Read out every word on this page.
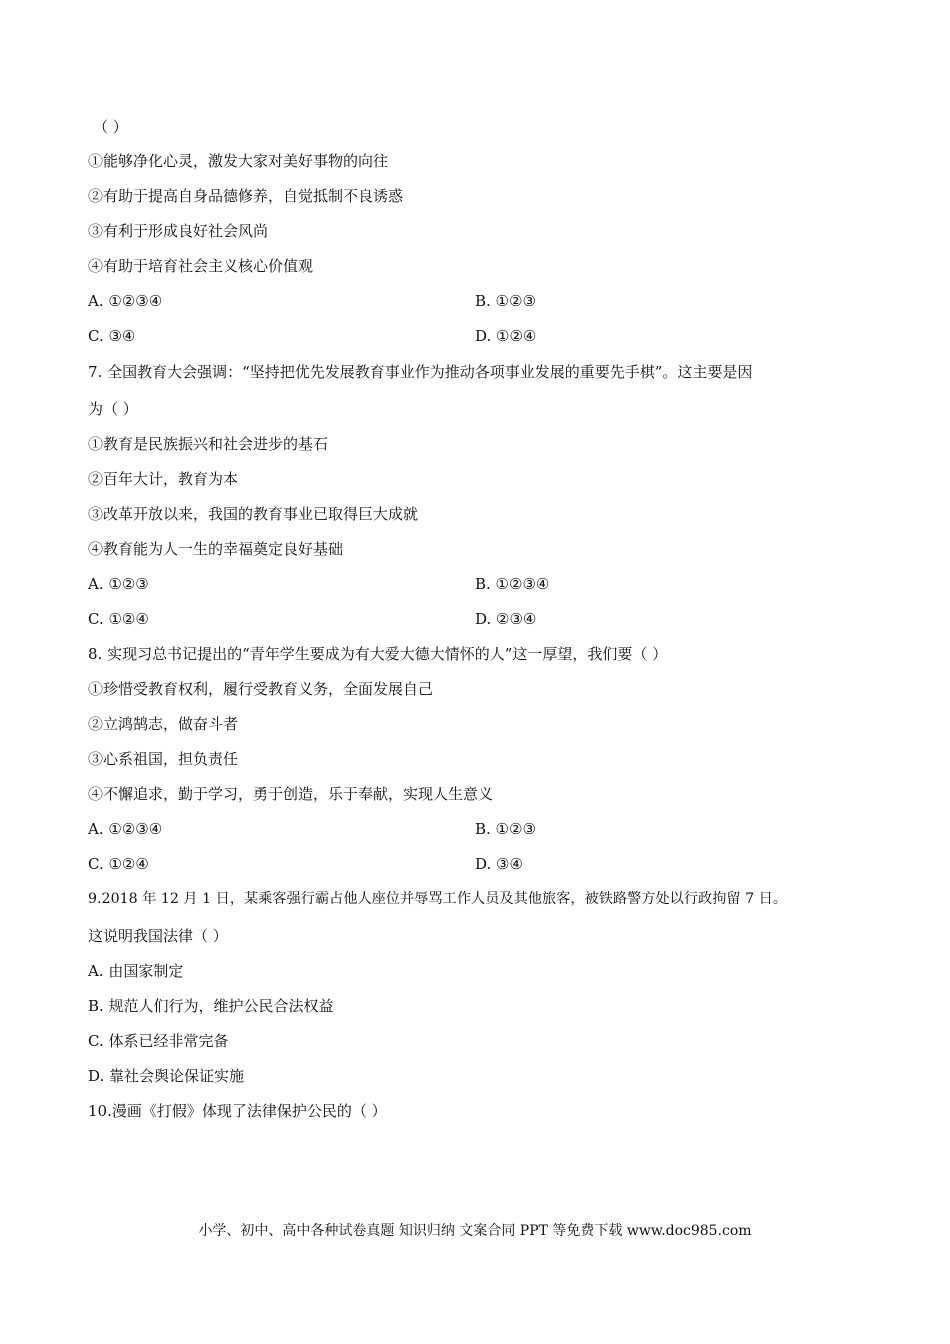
（ ）
①能够净化心灵，激发大家对美好事物的向往
②有助于提高自身品德修养，自觉抵制不良诱惑
③有利于形成良好社会风尚
④有助于培育社会主义核心价值观
A. ①②③④	B. ①②③
C. ③④	D. ①②④
7. 全国教育大会强调：“坚持把优先发展教育事业作为推动各项事业发展的重要先手棋”。这主要是因
为（ ）
①教育是民族振兴和社会进步的基石
②百年大计，教育为本
③改革开放以来，我国的教育事业已取得巨大成就
④教育能为人一生的幸福奠定良好基础
A. ①②③	B. ①②③④
C. ①②④	D. ②③④
8. 实现习总书记提出的“青年学生要成为有大爱大德大情怀的人”这一厚望，我们要（ ）
①珍惜受教育权利，履行受教育义务，全面发展自己
②立鸿鹄志，做奋斗者
③心系祖国，担负责任
④不懈追求，勤于学习，勇于创造，乐于奉献，实现人生意义
A. ①②③④	B. ①②③
C. ①②④	D. ③④
9.2018 年 12 月 1 日，某乘客强行霸占他人座位并辱骂工作人员及其他旅客，被铁路警方处以行政拘留 7 日。
这说明我国法律（ ）
A. 由国家制定
B. 规范人们行为，维护公民合法权益
C. 体系已经非常完备
D. 靠社会舆论保证实施
10.漫画《打假》体现了法律保护公民的（ ）
小学、初中、高中各种试卷真题 知识归纳 文案合同 PPT 等免费下载 www.doc985.com
